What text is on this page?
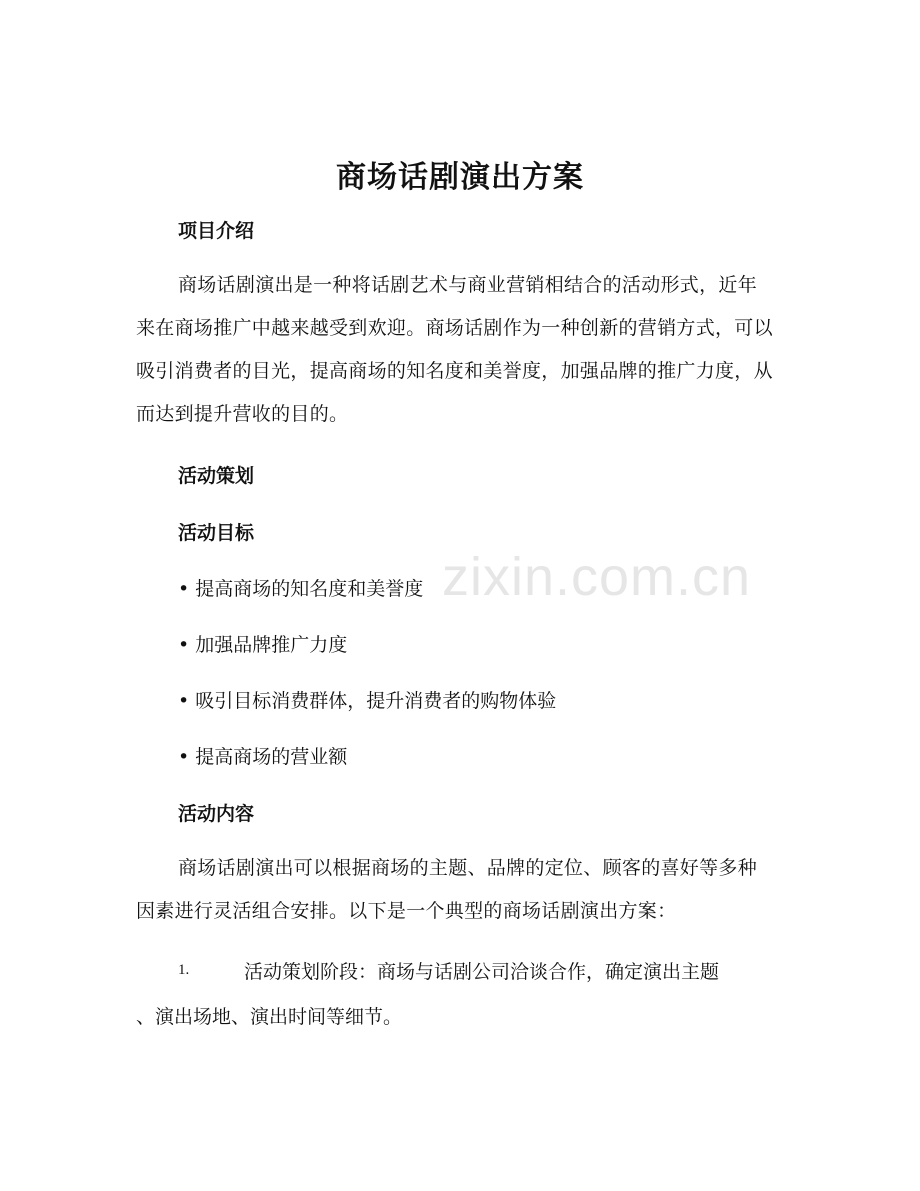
商场话剧演出方案
项目介绍
商场话剧演出是一种将话剧艺术与商业营销相结合的活动形式，近年来在商场推广中越来越受到欢迎。商场话剧作为一种创新的营销方式，可以吸引消费者的目光，提高商场的知名度和美誉度，加强品牌的推广力度，从而达到提升营收的目的。
活动策划
活动目标
• 提高商场的知名度和美誉度
• 加强品牌推广力度
• 吸引目标消费群体，提升消费者的购物体验
• 提高商场的营业额
活动内容
商场话剧演出可以根据商场的主题、品牌的定位、顾客的喜好等多种因素进行灵活组合安排。以下是一个典型的商场话剧演出方案：
1.	活动策划阶段：商场与话剧公司洽谈合作，确定演出主题
、演出场地、演出时间等细节。
zixin.com.cn
